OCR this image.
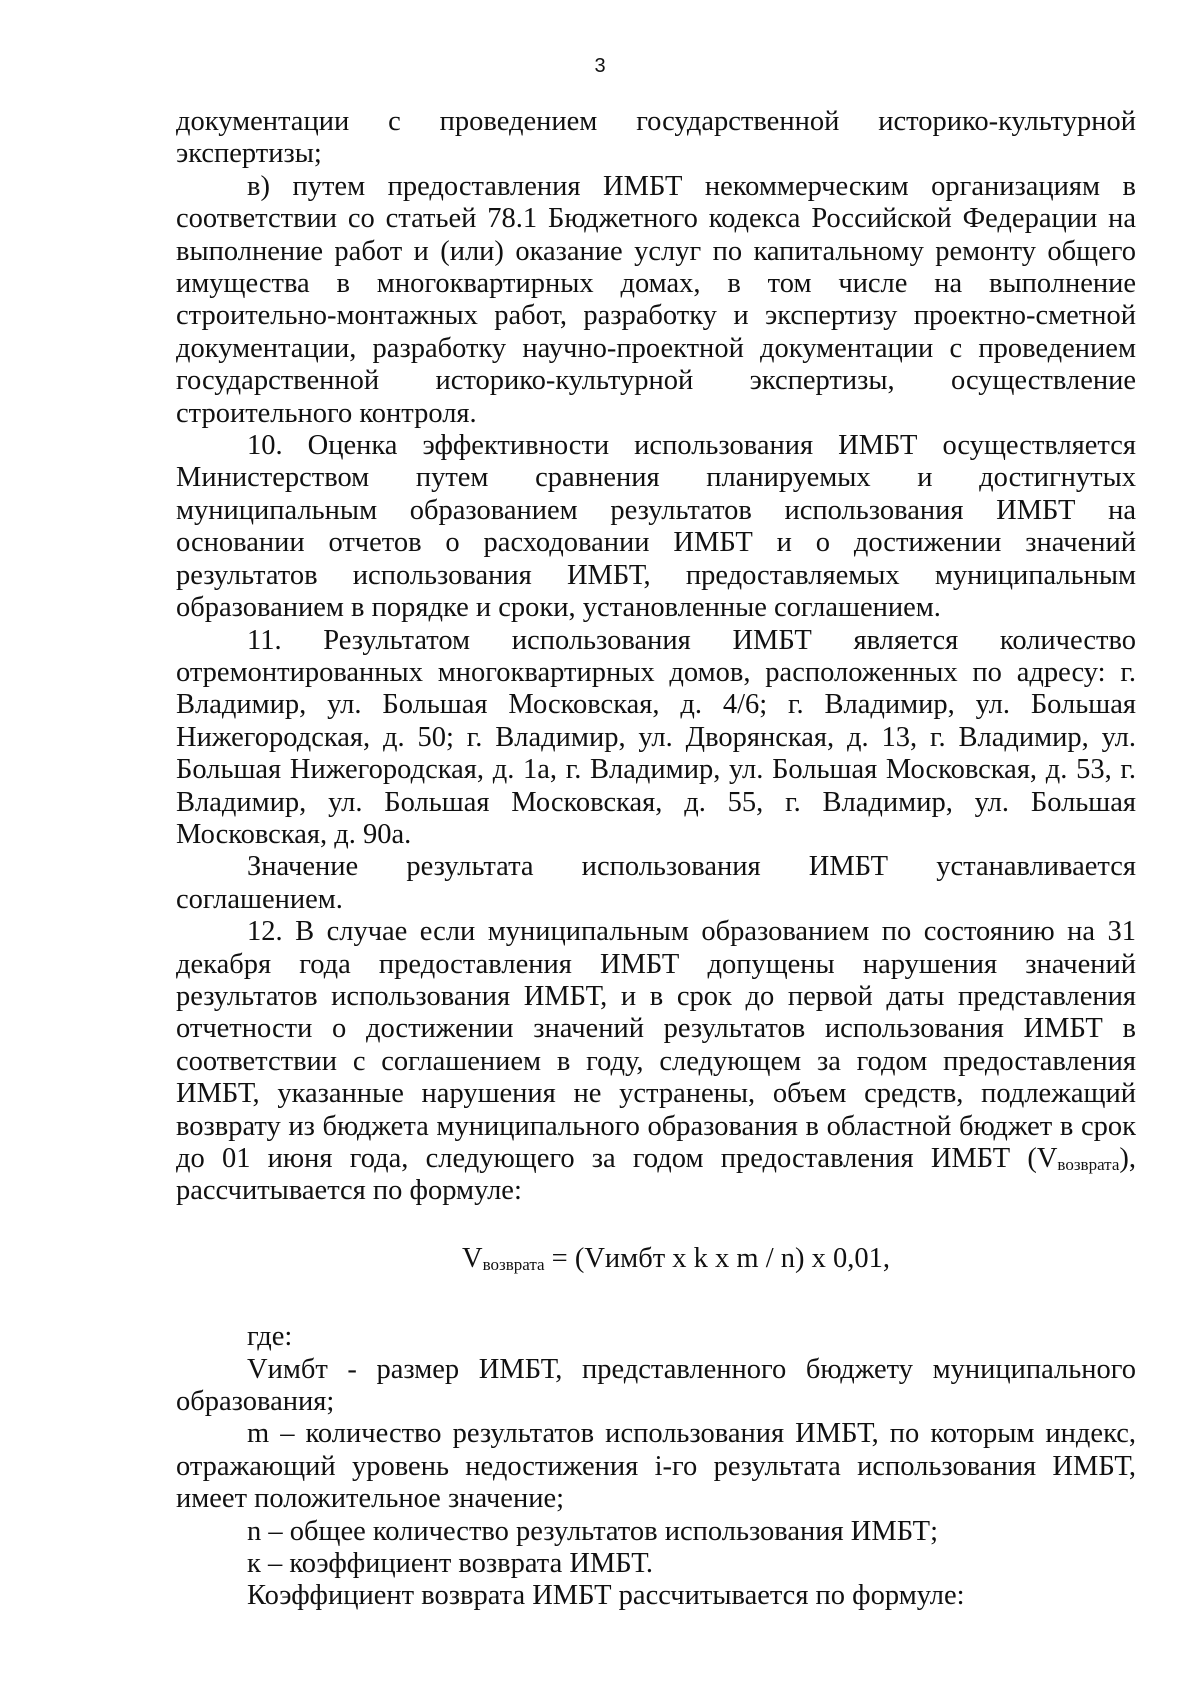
3

документации с проведением государственной историко-культурной экспертизы;

в) путем предоставления ИМБТ некоммерческим организациям в соответствии со статьей 78.1 Бюджетного кодекса Российской Федерации на выполнение работ и (или) оказание услуг по капитальному ремонту общего имущества в многоквартирных домах, в том числе на выполнение строительно-монтажных работ, разработку и экспертизу проектно-сметной документации, разработку научно-проектной документации с проведением государственной историко-культурной экспертизы, осуществление строительного контроля.

10. Оценка эффективности использования ИМБТ осуществляется Министерством путем сравнения планируемых и достигнутых муниципальным образованием результатов использования ИМБТ на основании отчетов о расходовании ИМБТ и о достижении значений результатов использования ИМБТ, предоставляемых муниципальным образованием в порядке и сроки, установленные соглашением.

11. Результатом использования ИМБТ является количество отремонтированных многоквартирных домов, расположенных по адресу: г. Владимир, ул. Большая Московская, д. 4/6; г. Владимир, ул. Большая Нижегородская, д. 50; г. Владимир, ул. Дворянская, д. 13, г. Владимир, ул. Большая Нижегородская, д. 1а, г. Владимир, ул. Большая Московская, д. 53, г. Владимир, ул. Большая Московская, д. 55, г. Владимир, ул. Большая Московская, д. 90а.

Значение результата использования ИМБТ устанавливается соглашением.

12. В случае если муниципальным образованием по состоянию на 31 декабря года предоставления ИМБТ допущены нарушения значений результатов использования ИМБТ, и в срок до первой даты представления отчетности о достижении значений результатов использования ИМБТ в соответствии с соглашением в году, следующем за годом предоставления ИМБТ, указанные нарушения не устранены, объем средств, подлежащий возврату из бюджета муниципального образования в областной бюджет в срок до 01 июня года, следующего за годом предоставления ИМБТ $(V_{возврата})$, рассчитывается по формуле:

$V_{возврата}$ = (Vимбт x k x m / n) x 0,01,

где:

Vимбт - размер ИМБТ, представленного бюджету муниципального образования;

m – количество результатов использования ИМБТ, по которым индекс, отражающий уровень недостижения i-го результата использования ИМБТ, имеет положительное значение;

n – общее количество результатов использования ИМБТ;

к – коэффициент возврата ИМБТ.

Коэффициент возврата ИМБТ рассчитывается по формуле:
